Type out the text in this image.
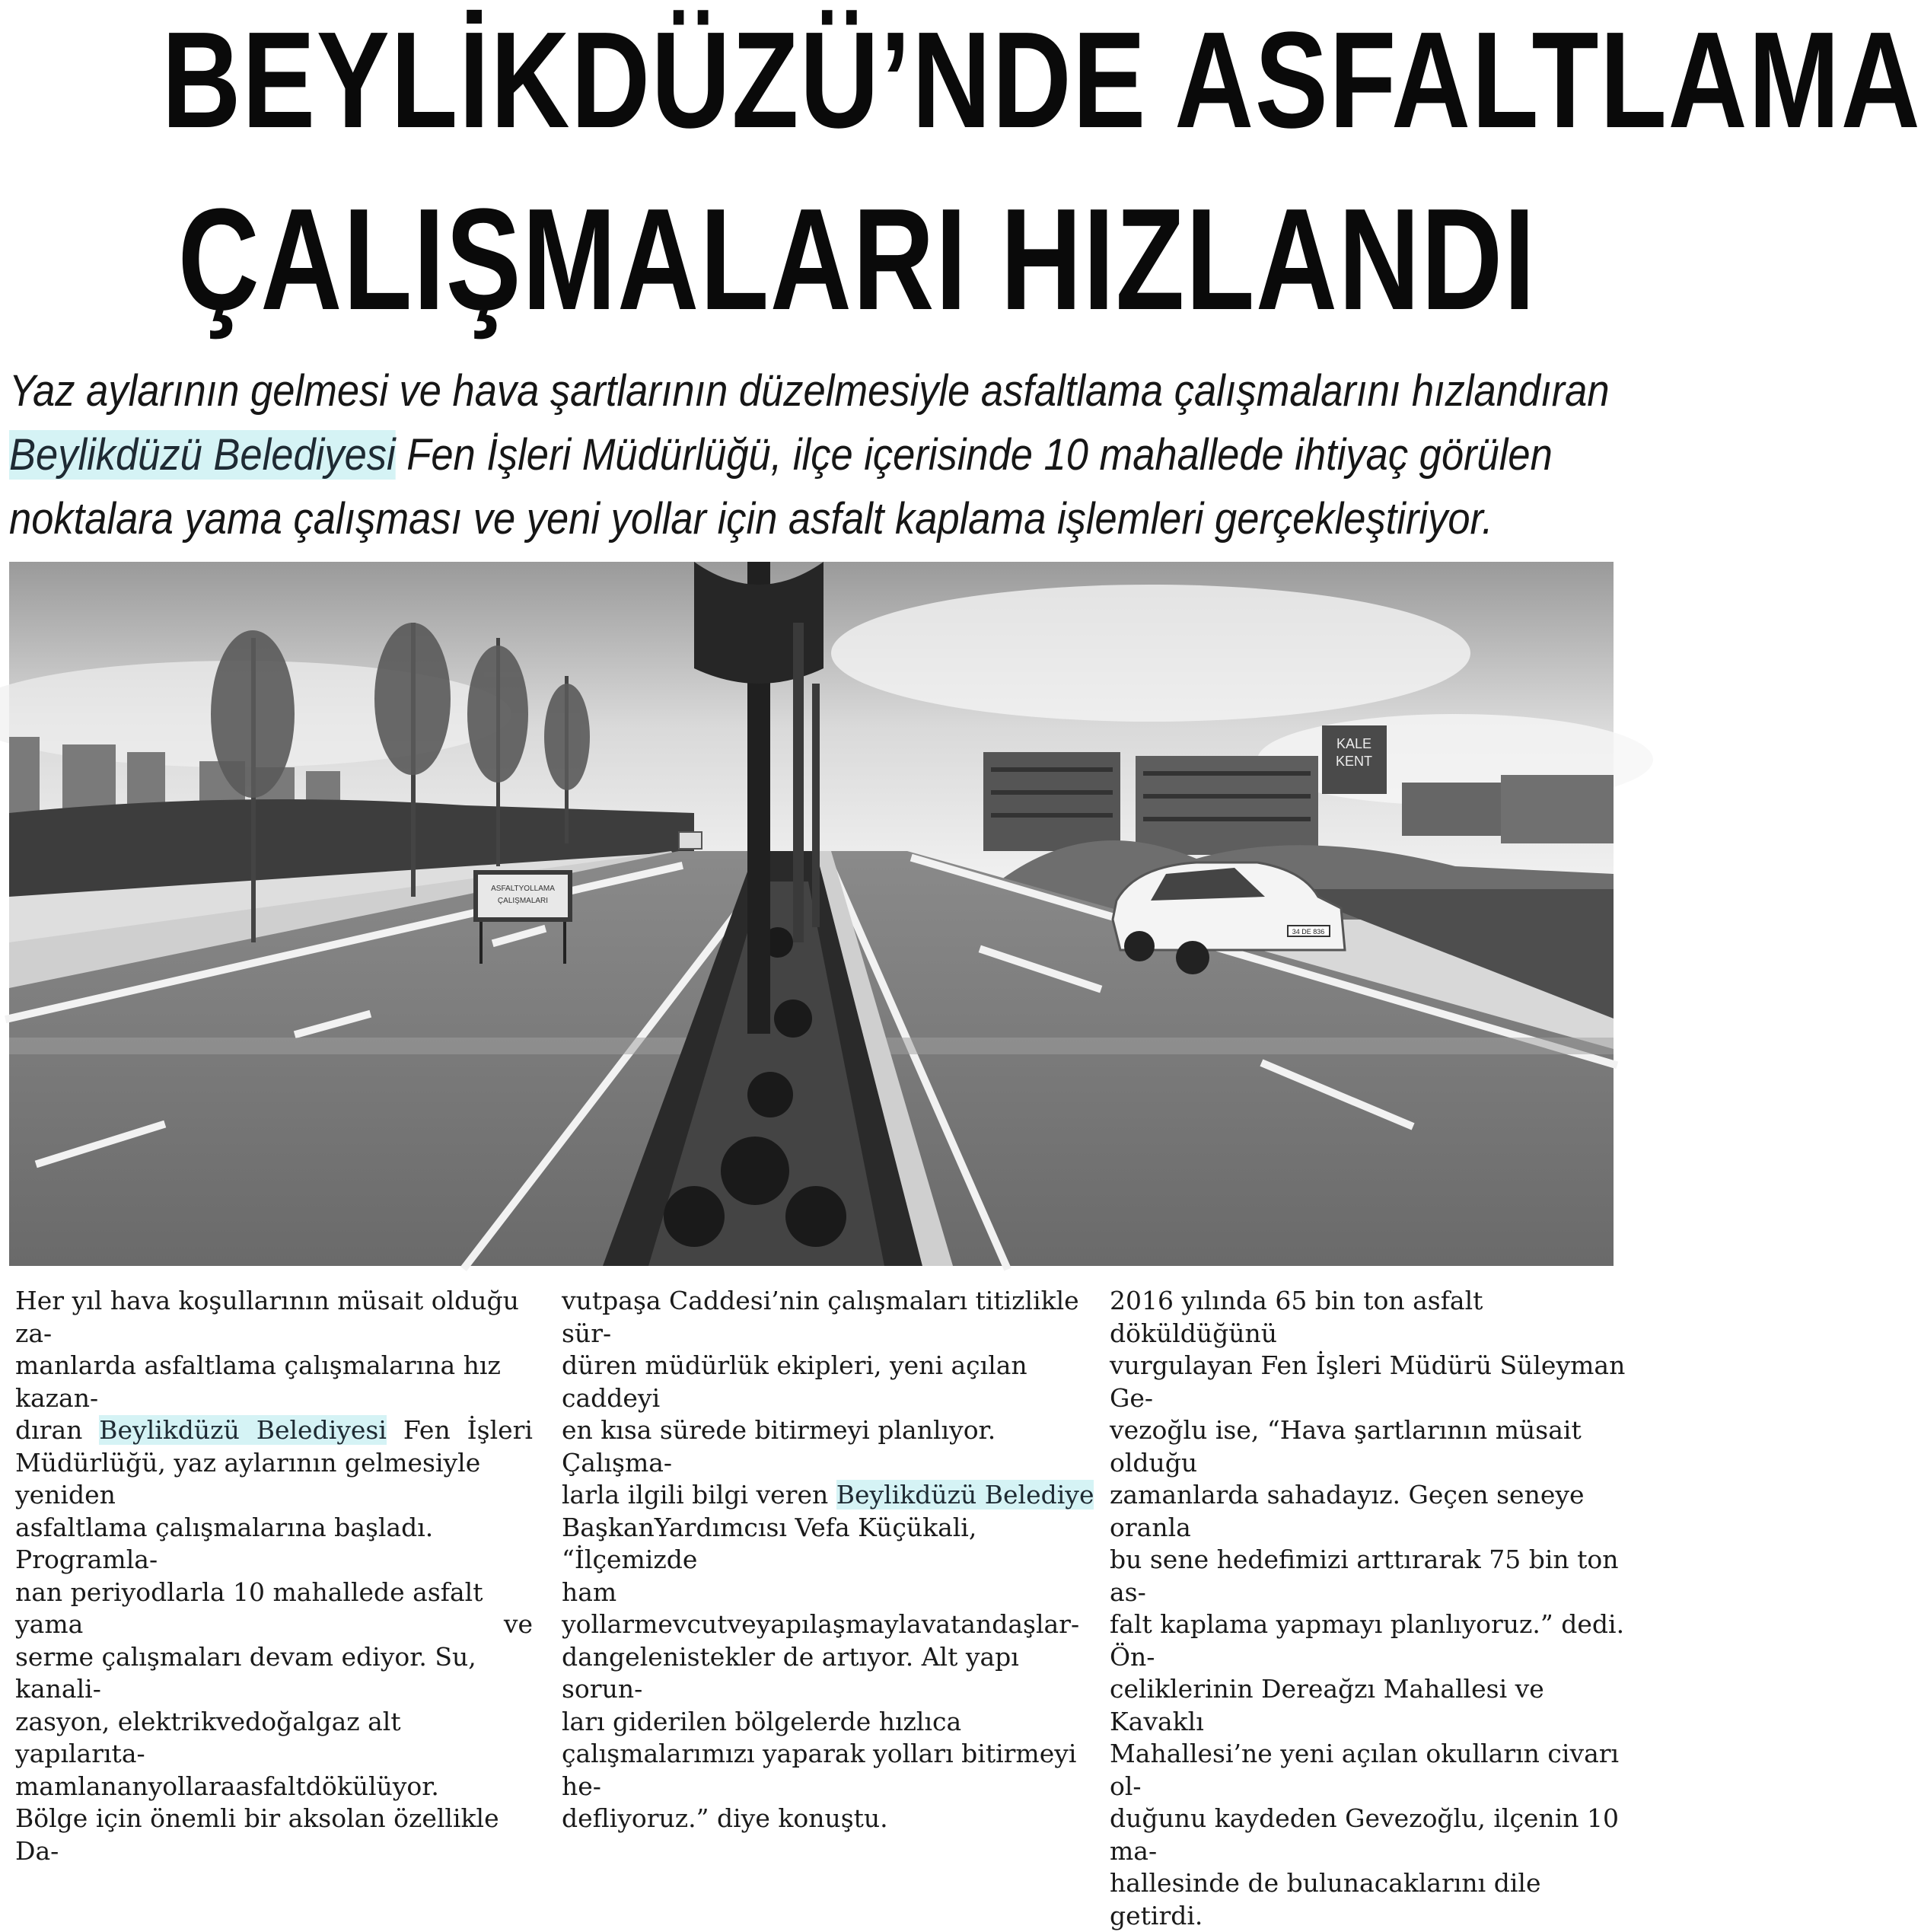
BEYLİKDÜZÜ’NDE ASFALTLAMA
ÇALIŞMALARI HIZLANDI
Yaz aylarının gelmesi ve hava şartlarının düzelmesiyle asfaltlama çalışmalarını hızlandıran
Beylikdüzü Belediyesi Fen İşleri Müdürlüğü, ilçe içerisinde 10 mahallede ihtiyaç görülen
noktalara yama çalışması ve yeni yollar için asfalt kaplama işlemleri gerçekleştiriyor.
KALE
KENT
ASFALTYOLLAMA
ÇALIŞMALARI
34 DE 836

Her yıl hava koşullarının müsait olduğu za-

manlarda asfaltlama çalışmalarına hız kazan-

dıran Beylikdüzü Belediyesi Fen İşleri

Müdürlüğü, yaz aylarının gelmesiyle yeniden

asfaltlama çalışmalarına başladı. Programla-

nan periyodlarla 10 mahallede asfalt yama ve

serme çalışmaları devam ediyor. Su, kanali-

zasyon, elektrikvedoğalgaz alt yapılarıta-

mamlananyollaraasfaltdökülüyor.

Bölge için önemli bir aksolan özellikle Da-

vutpaşa Caddesi’nin çalışmaları titizlikle sür-

düren müdürlük ekipleri, yeni açılan caddeyi

en kısa sürede bitirmeyi planlıyor. Çalışma-

larla ilgili bilgi veren Beylikdüzü Belediye

BaşkanYardımcısı Vefa Küçükali, “İlçemizde

ham yollarmevcutveyapılaşmaylavatandaşlar-

dangelenistekler de artıyor. Alt yapı sorun-

ları giderilen bölgelerde hızlıca

çalışmalarımızı yaparak yolları bitirmeyi he-

defliyoruz.” diye konuştu.

2016 yılında 65 bin ton asfalt döküldüğünü

vurgulayan Fen İşleri Müdürü Süleyman Ge-

vezoğlu ise, “Hava şartlarının müsait olduğu

zamanlarda sahadayız. Geçen seneye oranla

bu sene hedefimizi arttırarak 75 bin ton as-

falt kaplama yapmayı planlıyoruz.” dedi. Ön-

celiklerinin Dereağzı Mahallesi ve Kavaklı

Mahallesi’ne yeni açılan okulların civarı ol-

duğunu kaydeden Gevezoğlu, ilçenin 10 ma-

hallesinde de bulunacaklarını dile getirdi.
